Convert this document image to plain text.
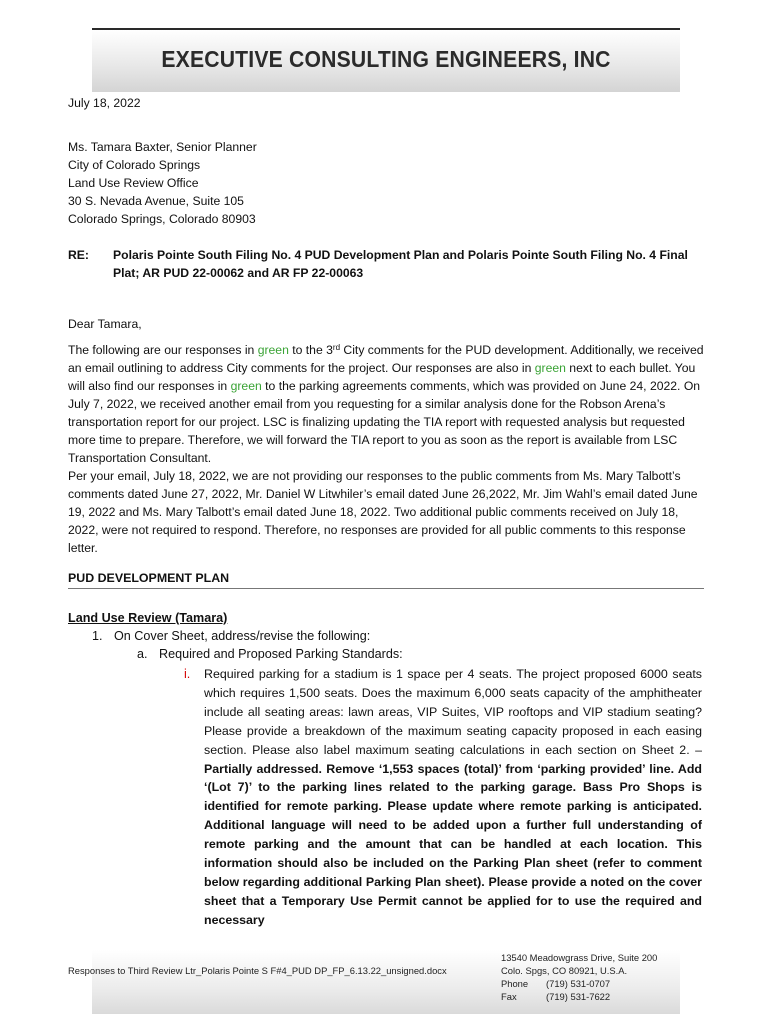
EXECUTIVE CONSULTING ENGINEERS, INC
July 18, 2022
Ms. Tamara Baxter, Senior Planner
City of Colorado Springs
Land Use Review Office
30 S. Nevada Avenue, Suite 105
Colorado Springs, Colorado 80903
RE: Polaris Pointe South Filing No. 4 PUD Development Plan and Polaris Pointe South Filing No. 4 Final Plat; AR PUD 22-00062 and AR FP 22-00063
Dear Tamara,
The following are our responses in green to the 3rd City comments for the PUD development. Additionally, we received an email outlining to address City comments for the project. Our responses are also in green next to each bullet. You will also find our responses in green to the parking agreements comments, which was provided on June 24, 2022. On July 7, 2022, we received another email from you requesting for a similar analysis done for the Robson Arena’s transportation report for our project. LSC is finalizing updating the TIA report with requested analysis but requested more time to prepare. Therefore, we will forward the TIA report to you as soon as the report is available from LSC Transportation Consultant.
Per your email, July 18, 2022, we are not providing our responses to the public comments from Ms. Mary Talbott’s comments dated June 27, 2022, Mr. Daniel W Litwhiler’s email dated June 26,2022, Mr. Jim Wahl’s email dated June 19, 2022 and Ms. Mary Talbott’s email dated June 18, 2022. Two additional public comments received on July 18, 2022, were not required to respond. Therefore, no responses are provided for all public comments to this response letter.
PUD DEVELOPMENT PLAN
Land Use Review (Tamara)
1. On Cover Sheet, address/revise the following:
a. Required and Proposed Parking Standards:
i. Required parking for a stadium is 1 space per 4 seats. The project proposed 6000 seats which requires 1,500 seats. Does the maximum 6,000 seats capacity of the amphitheater include all seating areas: lawn areas, VIP Suites, VIP rooftops and VIP stadium seating? Please provide a breakdown of the maximum seating capacity proposed in each easing section. Please also label maximum seating calculations in each section on Sheet 2. – Partially addressed. Remove ‘1,553 spaces (total)’ from ‘parking provided’ line. Add ‘(Lot 7)’ to the parking lines related to the parking garage. Bass Pro Shops is identified for remote parking. Please update where remote parking is anticipated. Additional language will need to be added upon a further full understanding of remote parking and the amount that can be handled at each location. This information should also be included on the Parking Plan sheet (refer to comment below regarding additional Parking Plan sheet). Please provide a noted on the cover sheet that a Temporary Use Permit cannot be applied for to use the required and necessary
Responses to Third Review Ltr_Polaris Pointe S F#4_PUD DP_FP_6.13.22_unsigned.docx
13540 Meadowgrass Drive, Suite 200
Colo. Spgs, CO 80921, U.S.A.
Phone (719) 531-0707
Fax	(719) 531-7622
